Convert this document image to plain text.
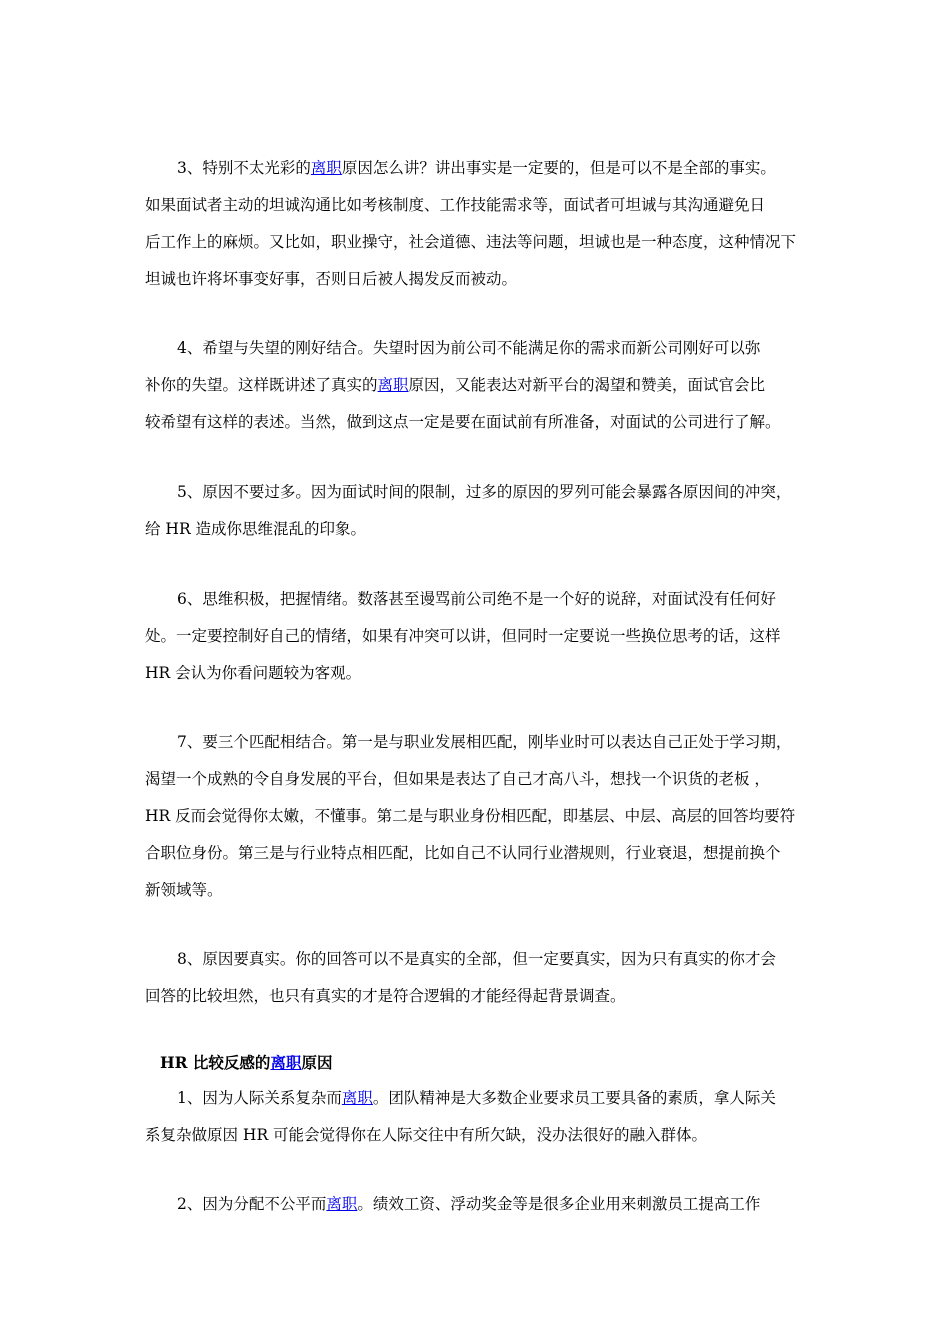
3、特别不太光彩的离职原因怎么讲？讲出事实是一定要的，但是可以不是全部的事实。
如果面试者主动的坦诚沟通比如考核制度、工作技能需求等，面试者可坦诚与其沟通避免日
后工作上的麻烦。又比如，职业操守，社会道德、违法等问题，坦诚也是一种态度，这种情况下
坦诚也许将坏事变好事，否则日后被人揭发反而被动。
4、希望与失望的刚好结合。失望时因为前公司不能满足你的需求而新公司刚好可以弥
补你的失望。这样既讲述了真实的离职原因，又能表达对新平台的渴望和赞美，面试官会比
较希望有这样的表述。当然，做到这点一定是要在面试前有所准备，对面试的公司进行了解。
5、原因不要过多。因为面试时间的限制，过多的原因的罗列可能会暴露各原因间的冲突，
给 HR 造成你思维混乱的印象。
6、思维积极，把握情绪。数落甚至谩骂前公司绝不是一个好的说辞，对面试没有任何好
处。一定要控制好自己的情绪，如果有冲突可以讲，但同时一定要说一些换位思考的话，这样
HR 会认为你看问题较为客观。
7、要三个匹配相结合。第一是与职业发展相匹配，刚毕业时可以表达自己正处于学习期，
渴望一个成熟的令自身发展的平台，但如果是表达了自己才高八斗，想找一个识货的老板 ，
HR 反而会觉得你太嫩，不懂事。第二是与职业身份相匹配，即基层、中层、高层的回答均要符
合职位身份。第三是与行业特点相匹配，比如自己不认同行业潜规则，行业衰退，想提前换个
新领域等。
8、原因要真实。你的回答可以不是真实的全部，但一定要真实，因为只有真实的你才会
回答的比较坦然，也只有真实的才是符合逻辑的才能经得起背景调查。
1、因为人际关系复杂而离职。团队精神是大多数企业要求员工要具备的素质，拿人际关
系复杂做原因 HR 可能会觉得你在人际交往中有所欠缺，没办法很好的融入群体。
2、因为分配不公平而离职。绩效工资、浮动奖金等是很多企业用来刺激员工提高工作
HR 比较反感的离职原因
